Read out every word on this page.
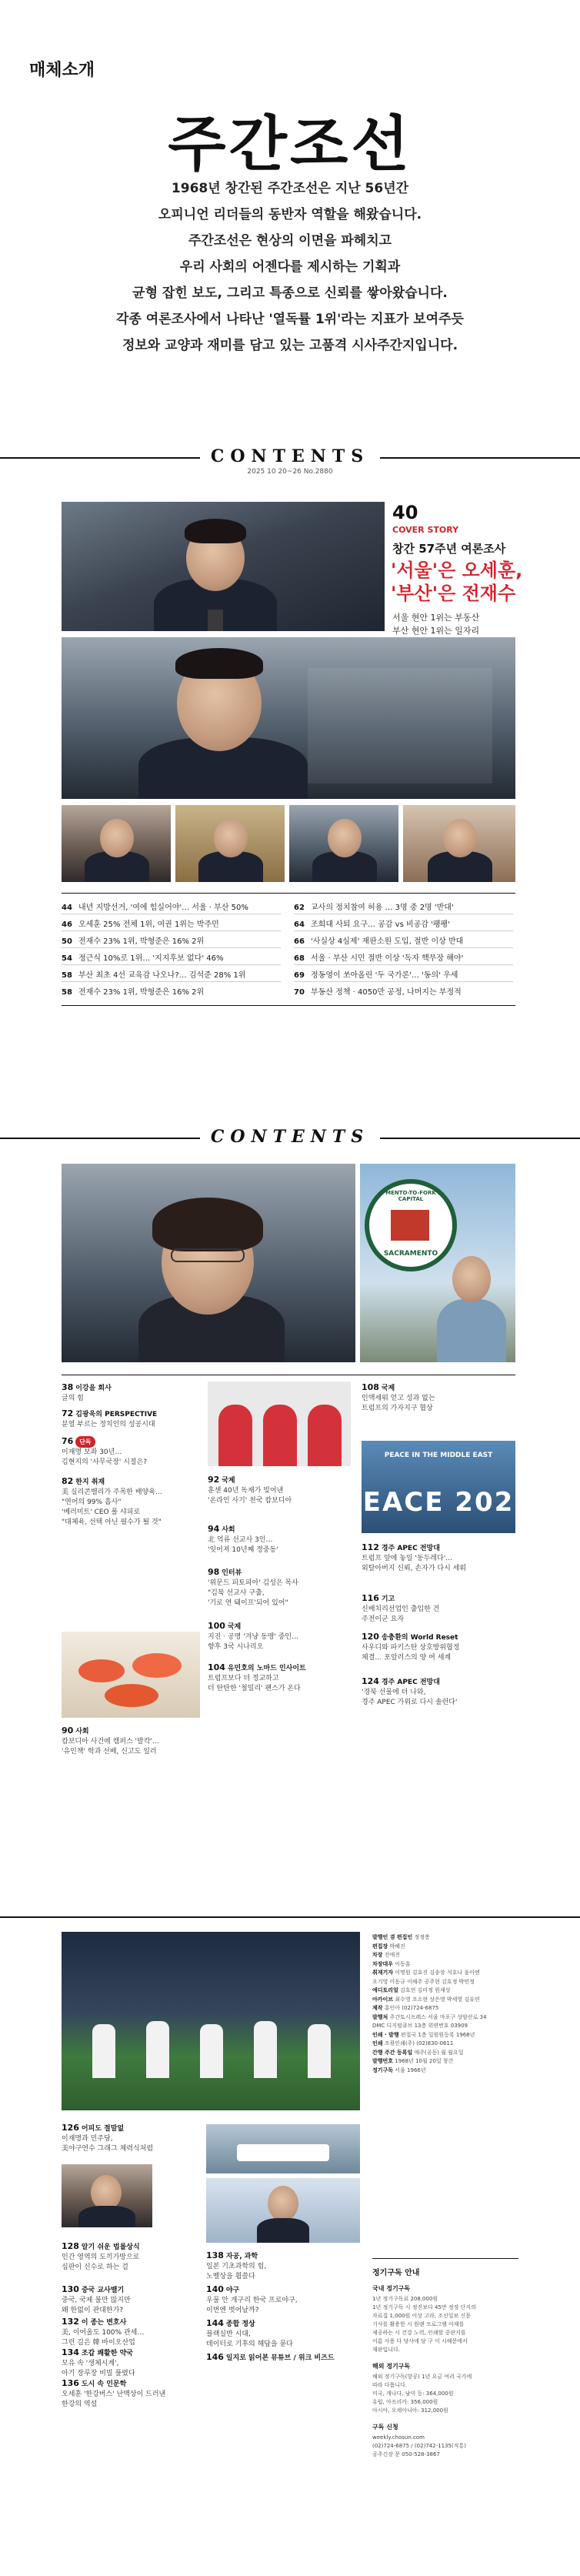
매체소개
주간조선
1968년 창간된 주간조선은 지난 56년간
오피니언 리더들의 동반자 역할을 해왔습니다.
주간조선은 현상의 이면을 파헤치고
우리 사회의 어젠다를 제시하는 기획과
균형 잡힌 보도, 그리고 특종으로 신뢰를 쌓아왔습니다.
각종 여론조사에서 나타난 '열독률 1위'라는 지표가 보여주듯
정보와 교양과 재미를 담고 있는 고품격 시사주간지입니다.
CONTENTS
2025 10 20~26 No.2880
40
COVER STORY
창간 57주년 여론조사
'서울'은 오세훈,
'부산'은 전재수
서울 현안 1위는 부동산
부산 현안 1위는 일자리
44 내년 지방선거, '여에 힘실어야'… 서울 · 부산 50%
46 오세훈 25% 전체 1위, 여권 1위는 박주민
50 전재수 23% 1위, 박형준은 16% 2위
54 정근식 10%로 1위… '지지후보 없다' 46%
58 부산 최초 4선 교육감 나오나?… 김석준 28% 1위
58 전재수 23% 1위, 박형준은 16% 2위
62 교사의 정치참여 허용 … 3명 중 2명 '반대'
64 조희대 사퇴 요구… 공감 vs 비공감 '팽팽'
66 '사실상 4심제' 재판소원 도입, 절반 이상 반대
68 서울 · 부산 시민 절반 이상 '독자 핵무장 해야'
69 정동영이 쏘아올린 '두 국가론'… '동의' 우세
70 부동산 정책 · 4050만 공정, 나머지는 부정적
CONTENTS
MENTO-TO-FORK CAPITAL
SACRAMENTO
PEACE IN THE MIDDLE EAST
EACE 202
38 이강을 회사
글의 힘
72 김광욱의 PERSPECTIVE
분열 부르는 정치인의 성공시대
76 단독
이재명 보좌 30년…
김현지의 '사무국장' 시절은?
82 한지 취재
美 실리콘밸리가 주목한 배양육…
"연어의 99% 흡사"
'베러미트' CEO 폴 샤피로
"대체육, 선택 아닌 필수가 될 것"
90 사회
캄보디아 사건에 캠퍼스 '발칵'…
'유인책' 학과 선배, 신고도 일러
92 국제
훈센 40년 독재가 빚어낸
'온라인 사기' 천국 캄보디아
94 사회
北 억류 선교사 3인…
'잊어져 10년째 정중동'
98 인터뷰
'위문드 피토피아' 김성은 목사
"김북 선교사 구출,
'기로 연 돼이프'되어 있어"
100 국제
지진 · 공명 '겨냥 동맹' 중인…
향후 3국 시나리오
104 유민호의 노마드 인사이트
트럼프보다 더 정교하고
더 탄탄한 '철밀리' 팬스가 온다
108 국제
인맥세워 얻고 성과 없는
트럼프의 가자지구 협상
112 경주 APEC 전망대
트럼프 앞에 놓일 '동두레다'…
외탈아버지 신뢰, 손자가 다시 세워
116 기고
신배치리선업인 출입한 건
주전이군 요자
120 송충환의 World Reset
사우디와 파키스탄 상호방위협정
체결… 포알러스의 양 여 세계
124 경주 APEC 전망대
'경북 선물에 더 나와,
경주 APEC 가위로 다시 솔런다'
발행인 겸 편집인 정정봉
편집장 박혜진
차장 전애진
차장대우 이동훈
취재기자 이명원 김효진 김송장 석호나 윤이엔
오기영 이동규 이해주 공주현 김호정 박민정
에디토리얼 김호연 김미정 원재성
아카이브 최수영 조소현 상은영 박세영 김유연
제작 홍인아 (02)724-6875
발행처 주간토시프레스 서울 마포구 상암산로 34
DMC 디지털큐브 13층 위편번호 03909
인쇄 · 발행 편집국 1층 일원원등록 1968년
인쇄 조광인쇄(주) (02)830-0611
간행 주간 등록일 매주(공동) 월 월요일
발행번호 1968년 10월 20일 창간
정기구독 서울 1966년
정기구독 안내
126 어피도 절말없
이재명과 민주당,
美야구연수 그래그 체력식처럼
128 알기 쉬운 법률상식
인간 영역의 도끼가방으로
심판이 신수로 하는 걸
130 중국 교사밸기
중국, 국제 불만 많지만
왜 한없이 관대한가?
132 이 종는 변호사
美, 이어올도 100% 관세…
그런 길은 韓 바이오산업
134 조갑 쾌활한 약국
모유 속 '생체시계',
아기 장루장 비밀 풀렸다
136 도시 속 인문학
오세훈 '한강버스' 난맥상이 드러낸
한강의 역설
138 자공, 과학
일본 기초과학의 힘,
노벨상을 휩쓸다
140 야구
우물 안 개구리 한국 프로야구,
이번엔 벗어날까?
144 종합 정상
블랙실반 시대,
데이터로 기후의 해답을 묻다
146 일지로 읽어본 뮤튜브 / 위크 비즈드
국내 정기구독
1년 정기구독료 208,000원
1년 정기구독 시 정진보다 45만 정장 단지의
자료집 1,000원 이상 고라, 조선일보 신문
기사를 활용한 시 원랜 프로그램 이재를
제공하는 시 건강 노력, 인쇄할 중판지를
이름 사용 다 당사에 당 구 이 시해문에서
재판입니다.
해외 정기구독
해외 정기구독(항공) 1년 요금 여러 국가에
따라 다릅니다.
미국, 캐나다, 남미 등: 364,000원
유럽, 아프리카: 356,000원
아시아, 오세아니아: 312,000원
구독 신청
weekly.chosun.com
(02)724-6875 / (02)742-1135(직통)
공주긴장 문 050-528-3867
